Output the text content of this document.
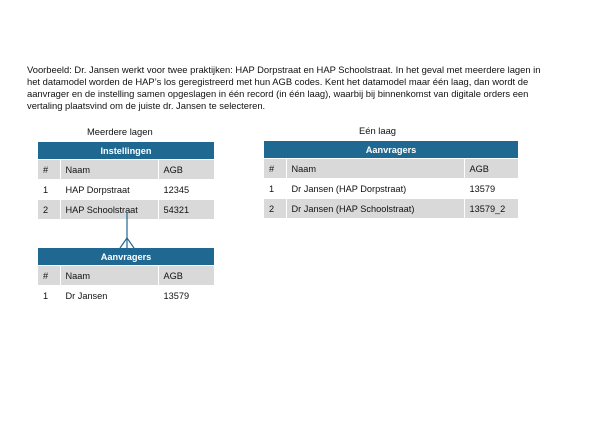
Voorbeeld: Dr. Jansen werkt voor twee praktijken: HAP Dorpstraat en HAP Schoolstraat. In het geval met meerdere lagen in het datamodel worden de HAP’s los geregistreerd met hun AGB codes. Kent het datamodel maar één laag, dan wordt de aanvrager en de instelling samen opgeslagen in één record (in één laag), waarbij bij binnenkomst van digitale orders een vertaling plaatsvind om de juiste dr. Jansen te selecteren.

Meerdere lagen	Eén laag
Instellingen		
#	Naam	AGB
1	HAP Dorpstraat	12345
2	HAP Schoolstraat	54321
Aanvragers		
#	Naam	AGB
1	Dr Jansen	13579
Aanvragers		
#	Naam	AGB
1	Dr Jansen (HAP Dorpstraat)	13579
2	Dr Jansen (HAP Schoolstraat)	13579_2
